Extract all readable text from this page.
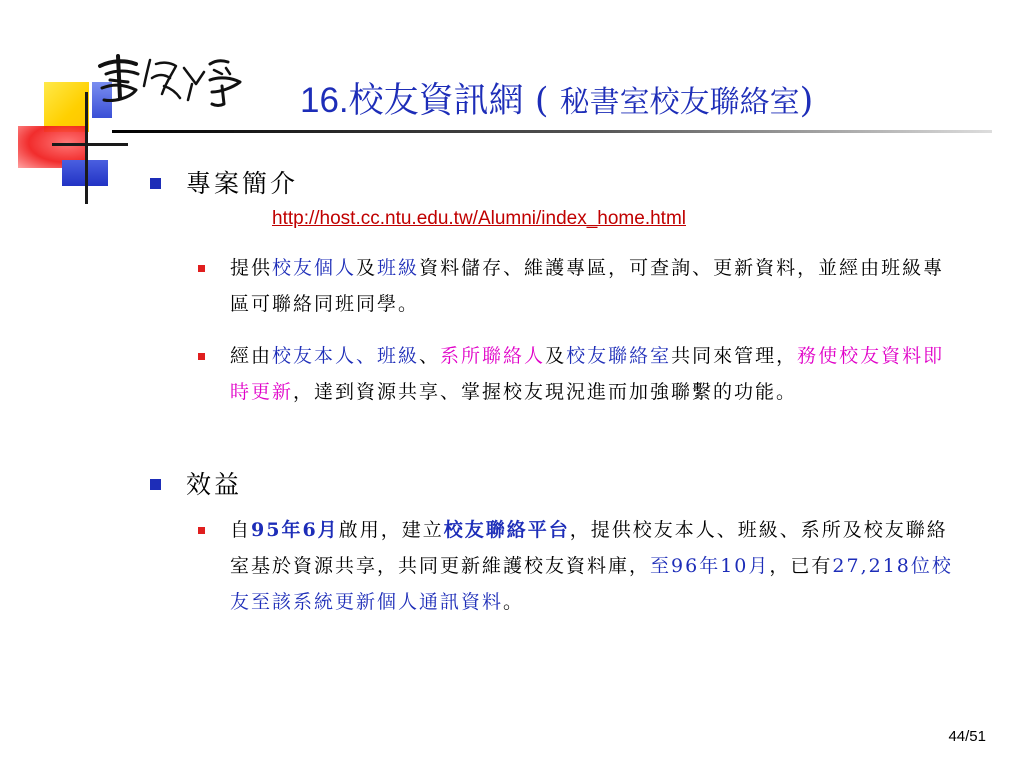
16.校友資訊網 ( 秘書室校友聯絡室)
專案簡介
http://host.cc.ntu.edu.tw/Alumni/index_home.html
提供校友個人及班級資料儲存、維護專區，可查詢、更新資料，並經由班級專區可聯絡同班同學。
經由校友本人、班級、系所聯絡人及校友聯絡室共同來管理，務使校友資料即時更新，達到資源共享、掌握校友現況進而加強聯繫的功能。
效益
自95年6月啟用，建立校友聯絡平台，提供校友本人、班級、系所及校友聯絡室基於資源共享，共同更新維護校友資料庫，至96年10月，已有27,218位校友至該系統更新個人通訊資料。
44/51
